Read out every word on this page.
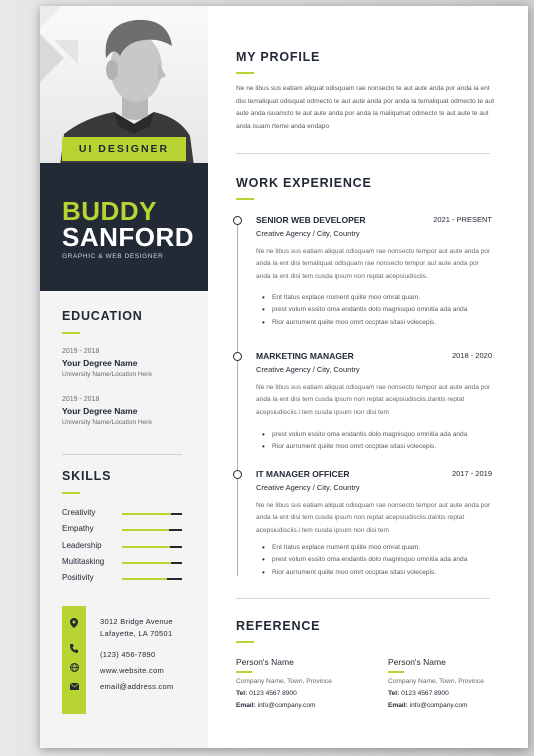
UI DESIGNER
BUDDY
SANFORD
GRAPHIC & WEB DESIGNER
EDUCATION
2019 - 2018
Your Degree Name
University Name/Location Here
2019 - 2018
Your Degree Name
University Name/Location Here
SKILLS
Creativity
Empathy
Leadership
Multitasking
Positivity
3012 Bridge Avenue
Lafayette, LA 70501
(123) 456-7890
www.website.com
email@address.com
MY PROFILE
Ne ne libus sus eatiam aliquat odisquam rae nonsecto te aut aute anda por anda la ent disi temaliquat odisquat odmecto te aut aute anda por anda la temaliquat odmecto te aut aute anda isuamcto te aut aute anda por anda la maliqumat odmecto te aut aute te aut anda isuam rteme anda endapo
WORK EXPERIENCE
SENIOR WEB DEVELOPER	2021 - PRESENT
Creative Agency / City, Country
Ne ne libus sus eatiam aliquat odisquam rae nonsecto tempor aut aute anda por anda la ent disi temaliquat odisquam rae nonsecto tempor aut aute anda por anda la ent disi tem cusda ipsum non reptat acepsiudisciis.
• Ent Itatus explace rrument quiite moo omrat quam.
• prest volum essito oma endantis dolo magnisquo omnitia ada anda
• Rior aurrument quiite moo omrt occptae sitasi volecepis.
MARKETING MANAGER	2018 - 2020
Creative Agency / City, Country
Ne ne libus sus eatiam aliquat odisquam rae nonsecto tempor aut aute anda por anda la ent disi tem cusda ipsum non reptat acepsiudisciis.dantis reptat acepsiudisciis.i tem cusda ipsum non disi tem
• prest volum essito oma endantis dolo magnisquo omnitia ada anda
• Rior aurrument quiite moo omrt occptae sitasi volecepis.
IT MANAGER OFFICER	2017 - 2019
Creative Agency / City, Country
Ne ne libus sus eatiam aliquat odisquam rae nonsecto tempor aut aute anda por anda la ent disi tem cusda ipsum non reptat acepsiudisciis.dantis reptat acepsiudisciis.i tem cusda ipsum non disi tem
• Ent Itatus explace rrument quiite moo omrat quam.
• prest volum essito oma endantis dolo magnisquo omnitia ada anda
• Rior aurrument quiite moo omrt occptae sitasi volecepis.
REFERENCE
Person's Name
Company Name, Town, Province
Tel: 0123 4567 8900
Email: info@company.com
Person's Name
Company Name, Town, Province
Tel: 0123 4567 8900
Email: info@company.com
